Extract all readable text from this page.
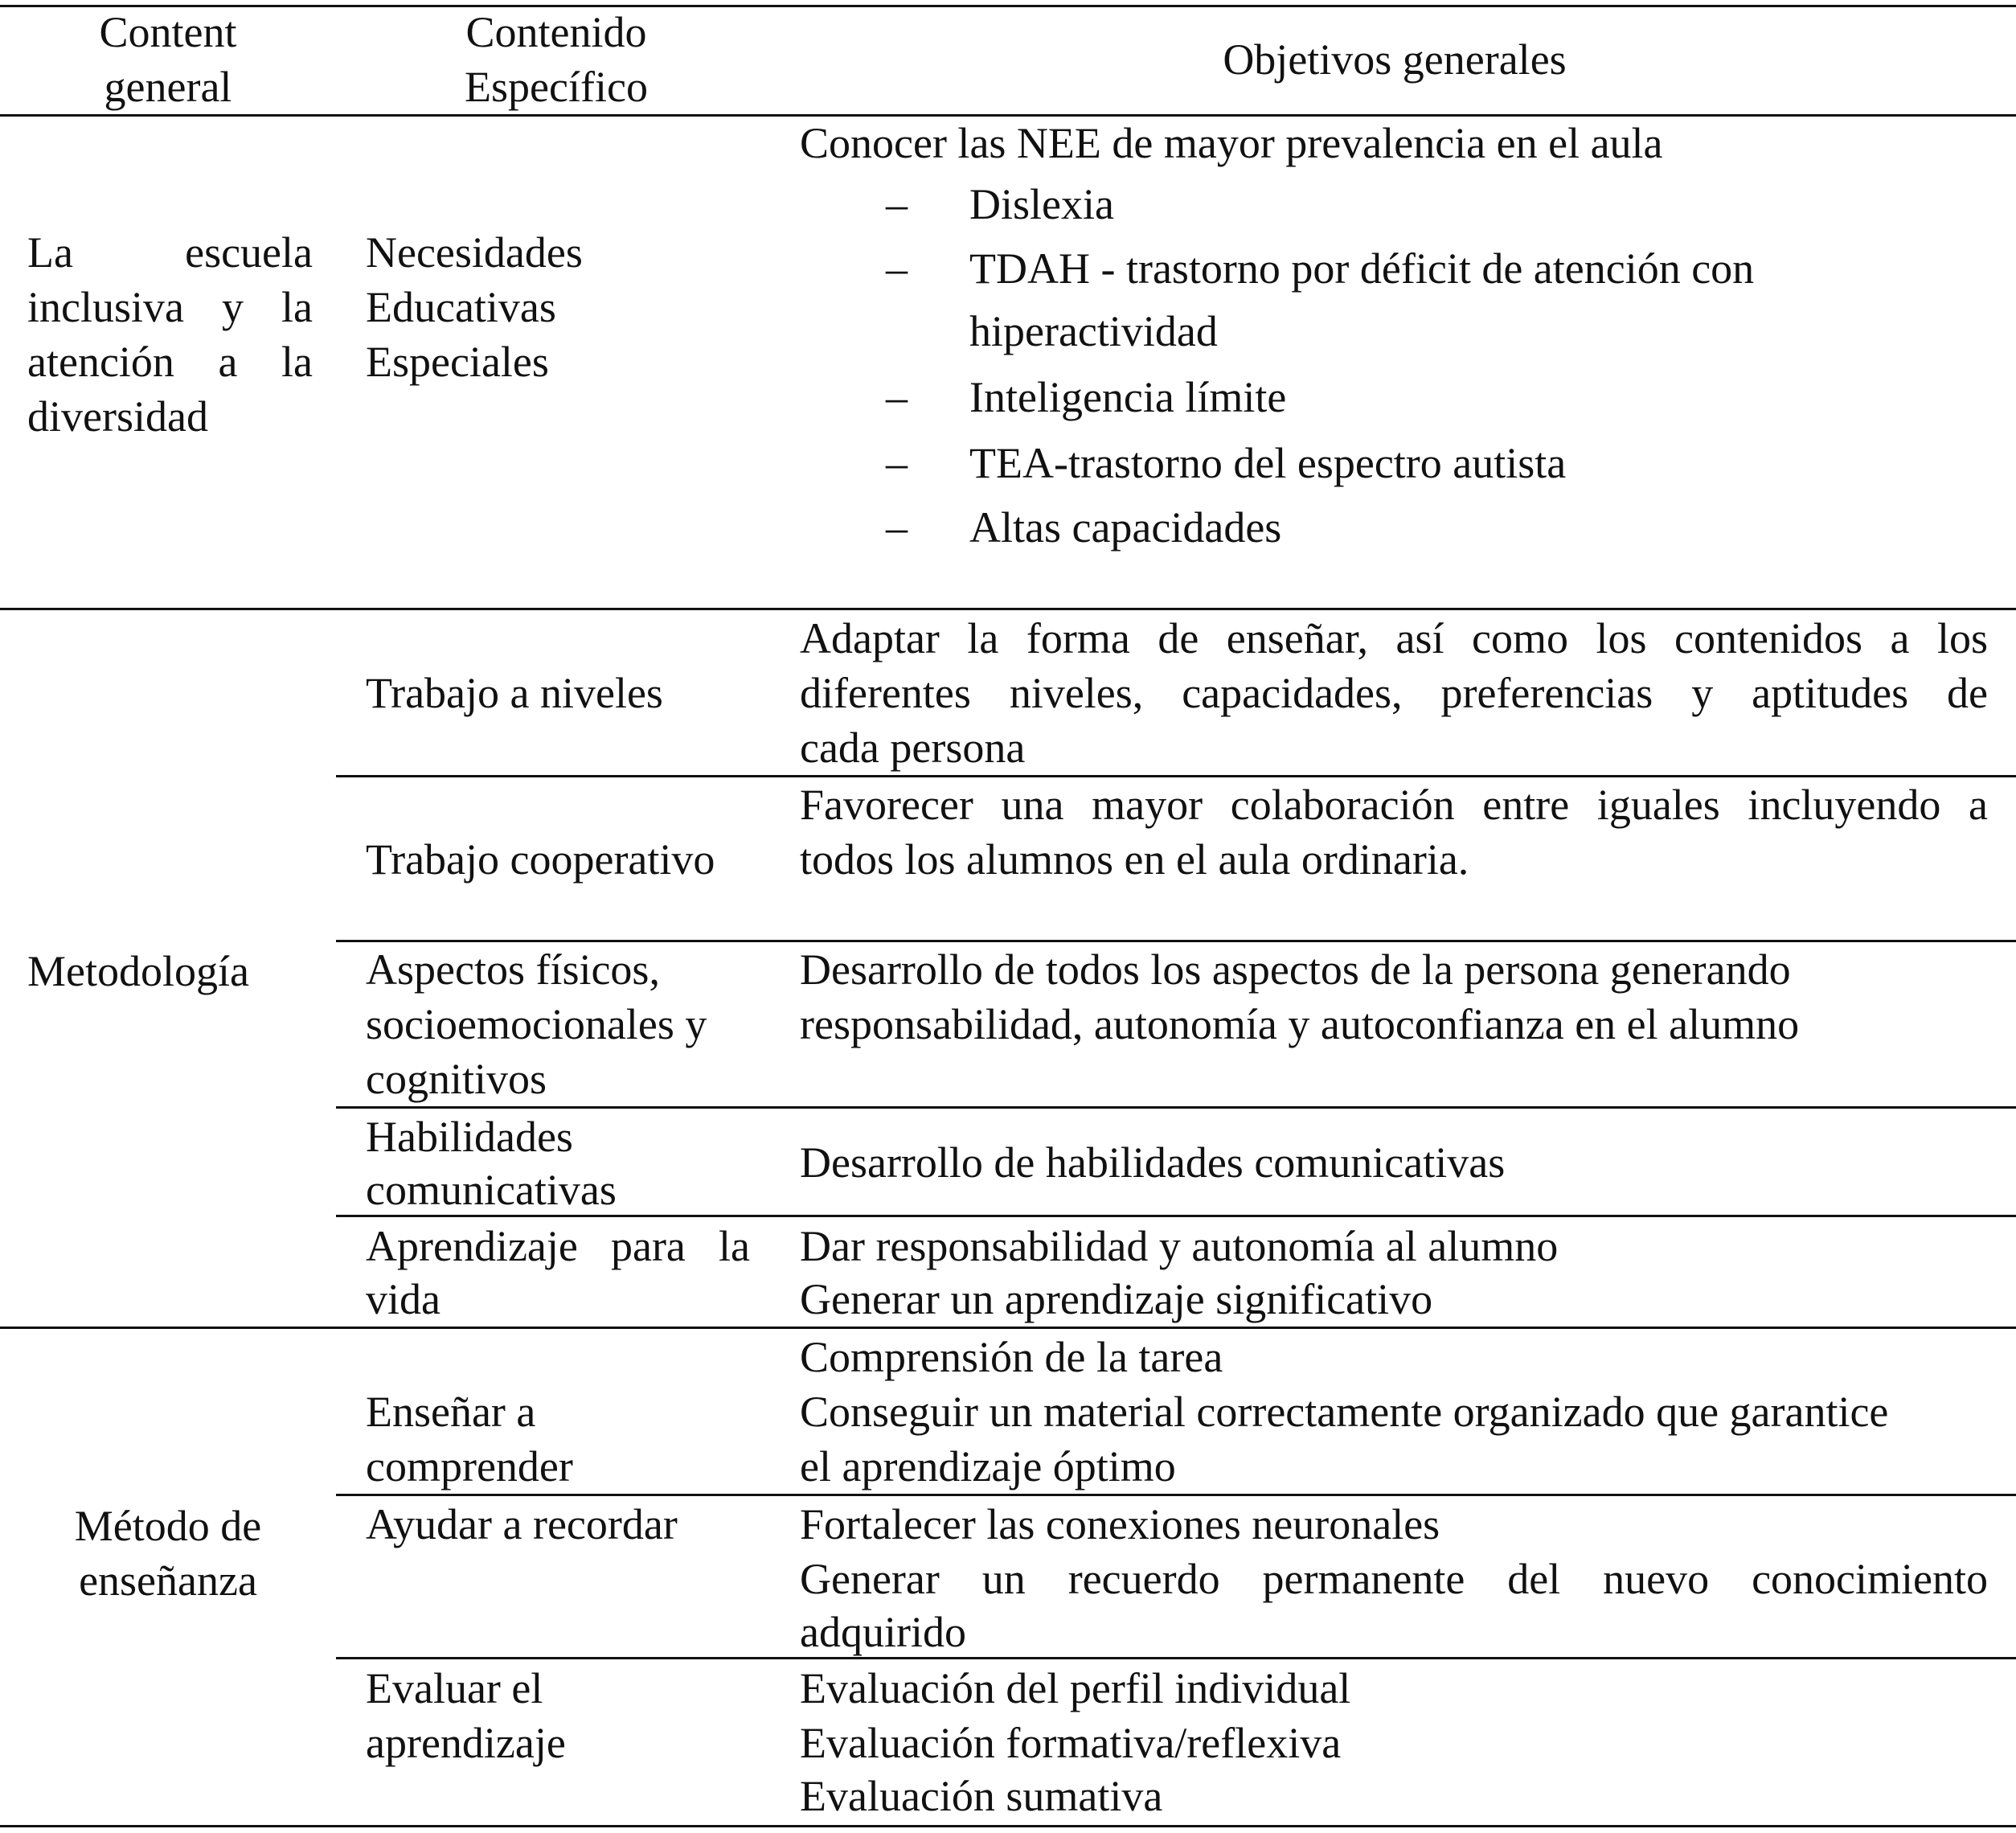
Content
general
Contenido
Específico
Objetivos generales
La escuela
inclusiva y la
atención a la
diversidad
Necesidades
Educativas
Especiales
Conocer las NEE de mayor prevalencia en el aula
– Dislexia
– TDAH - trastorno por déficit de atención con
hiperactividad
– Inteligencia límite
– TEA-trastorno del espectro autista
– Altas capacidades
Metodología
Trabajo a niveles
Adaptar la forma de enseñar, así como los contenidos a los
diferentes niveles, capacidades, preferencias y aptitudes de
cada persona
Trabajo cooperativo
Favorecer una mayor colaboración entre iguales incluyendo a
todos los alumnos en el aula ordinaria.
Aspectos físicos,
socioemocionales y
cognitivos
Desarrollo de todos los aspectos de la persona generando
responsabilidad, autonomía y autoconfianza en el alumno
Habilidades
comunicativas
Desarrollo de habilidades comunicativas
Aprendizaje para la
vida
Dar responsabilidad y autonomía al alumno
Generar un aprendizaje significativo
Método de
enseñanza
Enseñar a
comprender
Comprensión de la tarea
Conseguir un material correctamente organizado que garantice
el aprendizaje óptimo
Ayudar a recordar	Fortalecer las conexiones neuronales
Generar un recuerdo permanente del nuevo conocimiento
adquirido
Evaluar el
aprendizaje
Evaluación del perfil individual
Evaluación formativa/reflexiva
Evaluación sumativa
